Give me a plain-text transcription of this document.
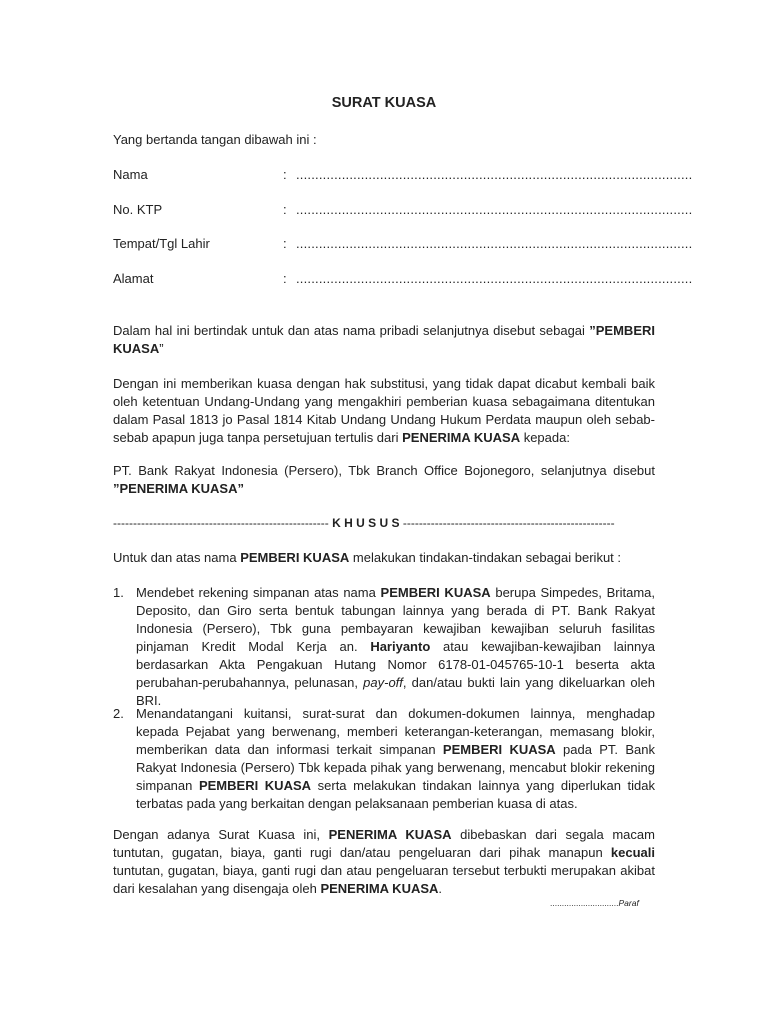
SURAT KUASA

Yang bertanda tangan dibawah ini :

Nama	: ........................................................................................................
No. KTP	: ........................................................................................................
Tempat/Tgl Lahir	: ........................................................................................................
Alamat	: ........................................................................................................

Dalam hal ini bertindak untuk dan atas nama pribadi selanjutnya disebut sebagai ”PEMBERI KUASA”

Dengan ini memberikan kuasa dengan hak substitusi, yang tidak dapat dicabut kembali baik oleh ketentuan Undang-Undang yang mengakhiri pemberian kuasa sebagaimana ditentukan dalam Pasal 1813 jo Pasal 1814 Kitab Undang Undang Hukum Perdata maupun oleh sebab-sebab apapun juga tanpa persetujuan tertulis dari PENERIMA KUASA kepada:

PT. Bank Rakyat Indonesia (Persero), Tbk Branch Office Bojonegoro, selanjutnya disebut ”PENERIMA KUASA”

------------------------------------------------------ K H U S U S -----------------------------------------------------

Untuk dan atas nama PEMBERI KUASA melakukan tindakan-tindakan sebagai berikut :

1. Mendebet rekening simpanan atas nama PEMBERI KUASA berupa Simpedes, Britama, Deposito, dan Giro serta bentuk tabungan lainnya yang berada di PT. Bank Rakyat Indonesia (Persero), Tbk guna pembayaran kewajiban kewajiban seluruh fasilitas pinjaman Kredit Modal Kerja an. Hariyanto atau kewajiban-kewajiban lainnya berdasarkan Akta Pengakuan Hutang Nomor 6178-01-045765-10-1 beserta akta perubahan-perubahannya, pelunasan, pay-off, dan/atau bukti lain yang dikeluarkan oleh BRI.
2. Menandatangani kuitansi, surat-surat dan dokumen-dokumen lainnya, menghadap kepada Pejabat yang berwenang, memberi keterangan-keterangan, memasang blokir, memberikan data dan informasi terkait simpanan PEMBERI KUASA pada PT. Bank Rakyat Indonesia (Persero) Tbk kepada pihak yang berwenang, mencabut blokir rekening simpanan PEMBERI KUASA serta melakukan tindakan lainnya yang diperlukan tidak terbatas pada yang berkaitan dengan pelaksanaan pemberian kuasa di atas.

Dengan adanya Surat Kuasa ini, PENERIMA KUASA dibebaskan dari segala macam tuntutan, gugatan, biaya, ganti rugi dan/atau pengeluaran dari pihak manapun kecuali tuntutan, gugatan, biaya, ganti rugi dan atau pengeluaran tersebut terbukti merupakan akibat dari kesalahan yang disengaja oleh PENERIMA KUASA.

.............................Paraf
